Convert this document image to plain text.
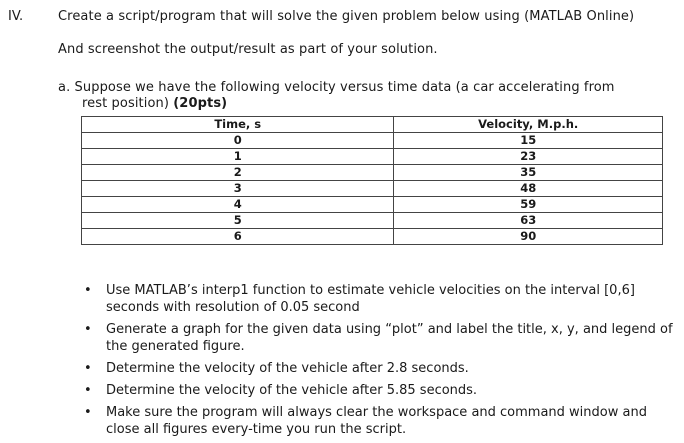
IV.	Create a script/program that will solve the given problem below using (MATLAB Online)
And screenshot the output/result as part of your solution.
a. Suppose we have the following velocity versus time data (a car accelerating from
rest position) (20pts)
Time, s	Velocity, M.p.h.
0	15
1	23
2	35
3	48
4	59
5	63
6	90
• Use MATLAB’s interp1 function to estimate vehicle velocities on the interval [0,6] seconds with resolution of 0.05 second
• Generate a graph for the given data using “plot” and label the title, x, y, and legend of the generated figure.
• Determine the velocity of the vehicle after 2.8 seconds.
• Determine the velocity of the vehicle after 5.85 seconds.
• Make sure the program will always clear the workspace and command window and close all figures every-time you run the script.
